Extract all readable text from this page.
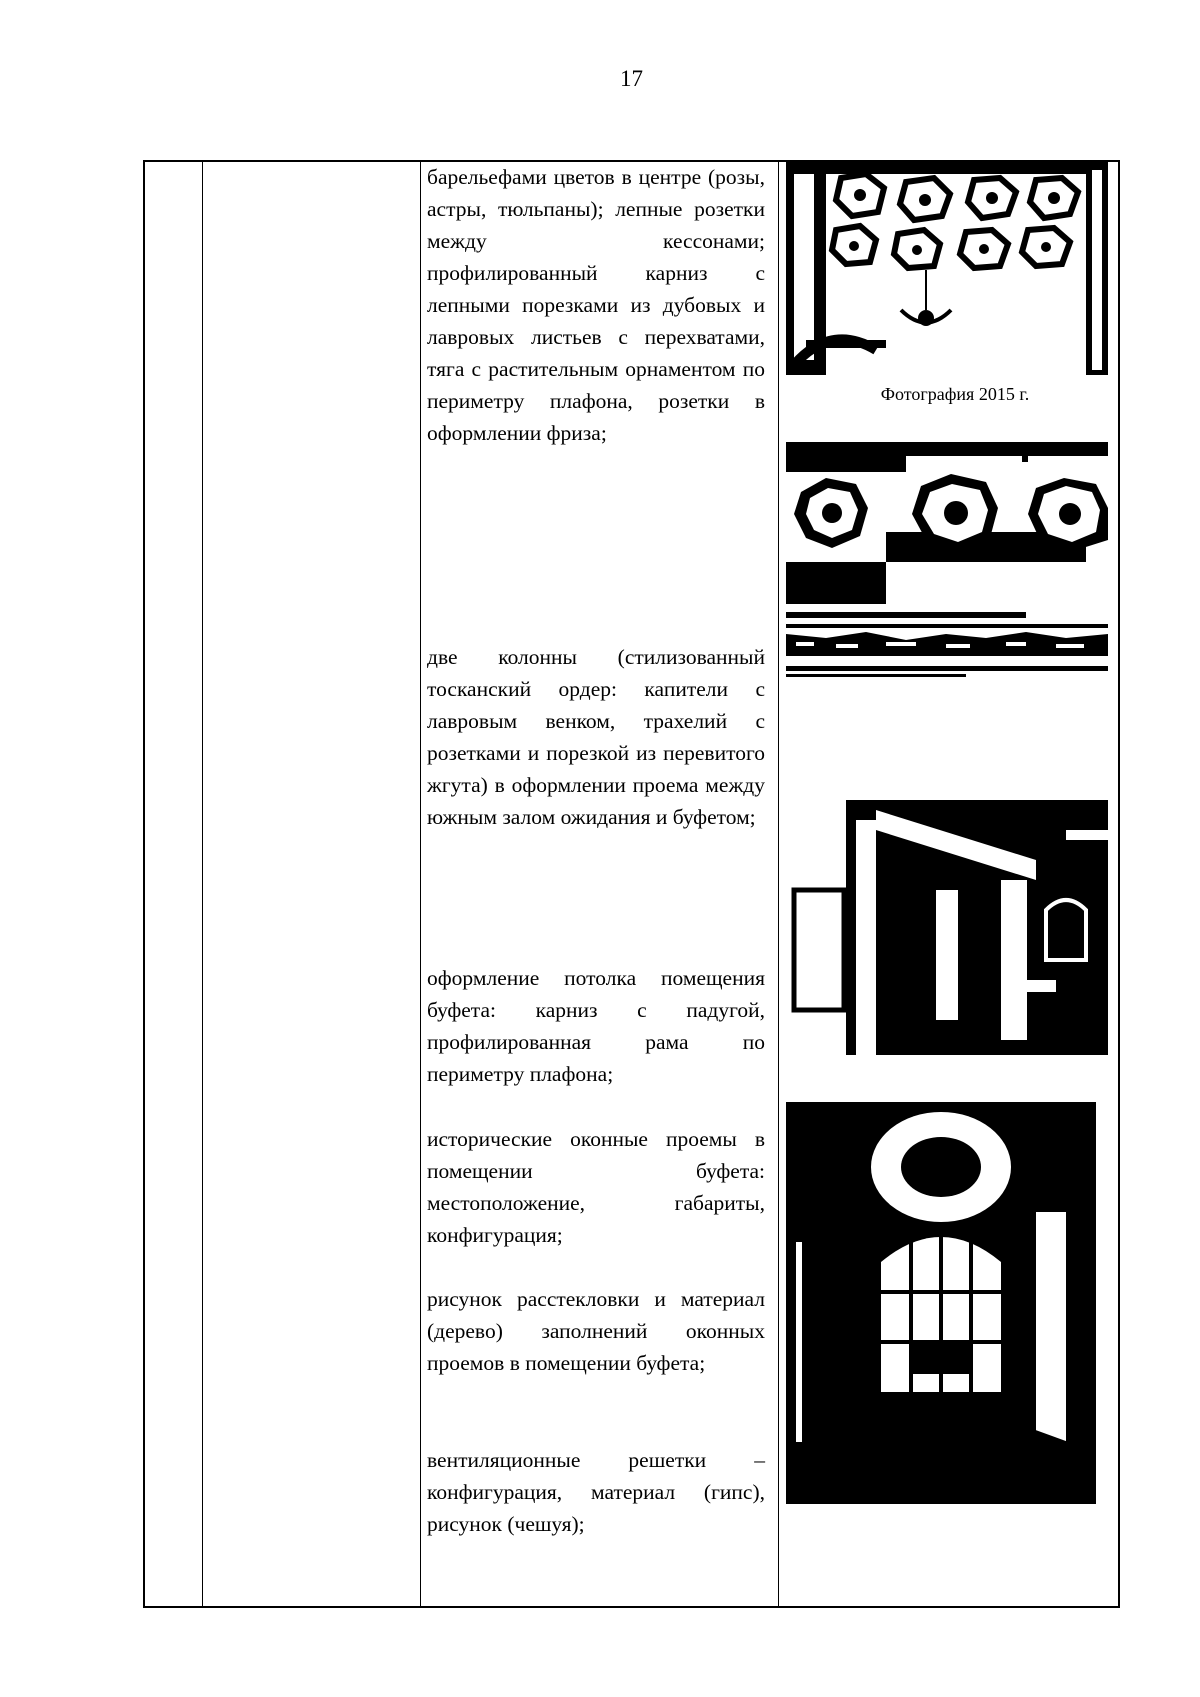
17

барельефами цветов в центре (розы, астры, тюльпаны); лепные розетки между кессонами; профилированный карниз с лепными порезками из дубовых и лавровых листьев с перехватами, тяга с растительным орнаментом по периметру плафона, розетки в оформлении фриза;

две колонны (стилизованный тосканский ордер: капители с лавровым венком, трахелий с розетками и порезкой из перевитого жгута) в оформлении проема между южным залом ожидания и буфетом;

оформление потолка помещения буфета: карниз с падугой, профилированная рама по периметру плафона;

исторические оконные проемы в помещении буфета: местоположение, габариты, конфигурация;

рисунок расстекловки и материал (дерево) заполнений оконных проемов в помещении буфета;

вентиляционные решетки – конфигурация, материал (гипс), рисунок (чешуя);

Фотография 2015 г.
